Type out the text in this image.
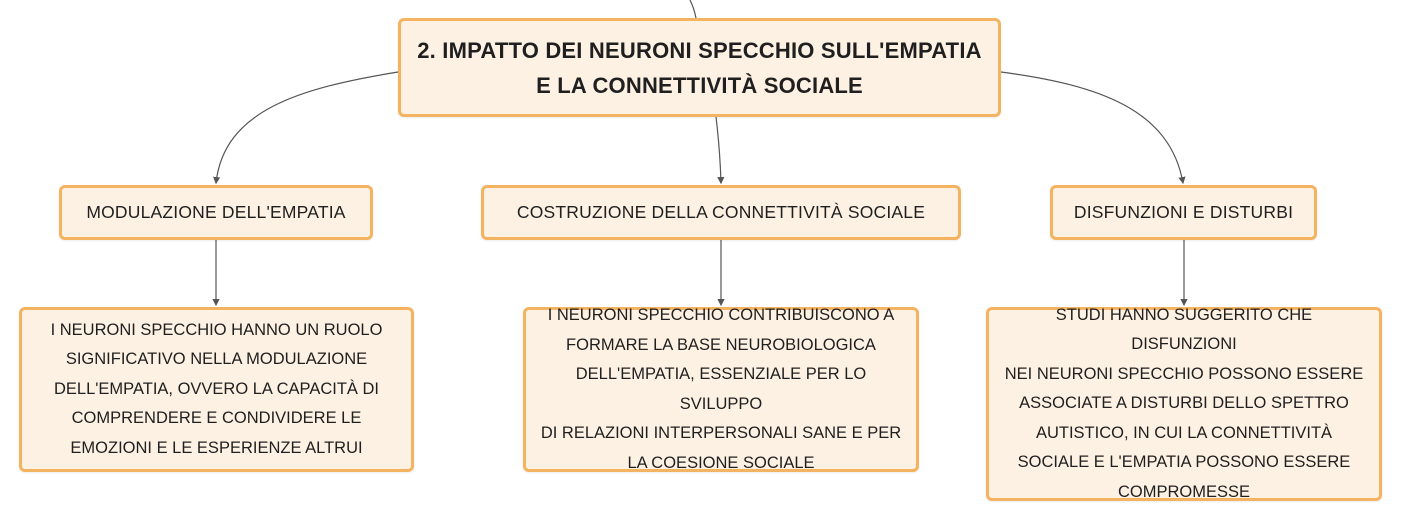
2. IMPATTO DEI NEURONI SPECCHIO SULL'EMPATIA
E LA CONNETTIVITÀ SOCIALE
MODULAZIONE DELL'EMPATIA	COSTRUZIONE DELLA CONNETTIVITÀ SOCIALE	DISFUNZIONI E DISTURBI
I NEURONI SPECCHIO HANNO UN RUOLO
SIGNIFICATIVO NELLA MODULAZIONE
DELL'EMPATIA, OVVERO LA CAPACITÀ DI
COMPRENDERE E CONDIVIDERE LE
EMOZIONI E LE ESPERIENZE ALTRUI
I NEURONI SPECCHIO CONTRIBUISCONO A
FORMARE LA BASE NEUROBIOLOGICA
DELL'EMPATIA, ESSENZIALE PER LO SVILUPPO
DI RELAZIONI INTERPERSONALI SANE E PER
LA COESIONE SOCIALE
STUDI HANNO SUGGERITO CHE DISFUNZIONI
NEI NEURONI SPECCHIO POSSONO ESSERE
ASSOCIATE A DISTURBI DELLO SPETTRO
AUTISTICO, IN CUI LA CONNETTIVITÀ
SOCIALE E L'EMPATIA POSSONO ESSERE
COMPROMESSE
